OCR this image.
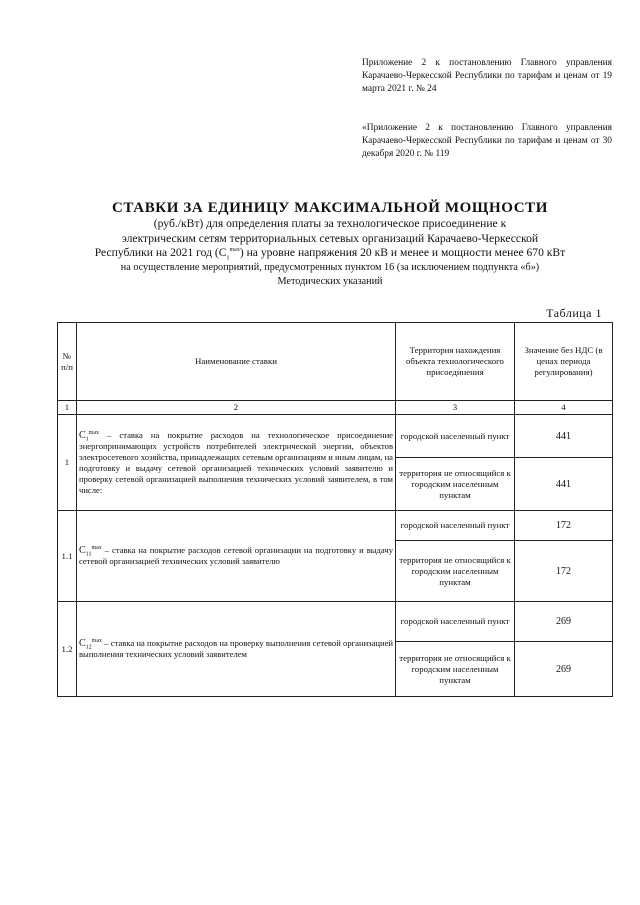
Приложение 2 к постановлению Главного управления Карачаево-Черкесской Республики по тарифам и ценам от 19 марта 2021 г. № 24
«Приложение 2 к постановлению Главного управления Карачаево-Черкесской Республики по тарифам и ценам от 30 декабря 2020 г. № 119
СТАВКИ ЗА ЕДИНИЦУ МАКСИМАЛЬНОЙ МОЩНОСТИ
(руб./кВт) для определения платы за технологическое присоединение к
электрическим сетям территориальных сетевых организаций Карачаево-Черкесской
Республики на 2021 год $(C_1^{max})$ на уровне напряжения 20 кВ и менее и мощности менее 670 кВт
на осуществление мероприятий, предусмотренных пунктом 16 (за исключением подпункта «б»)
Методических указаний
Таблица 1
№ п/п	Наименование ставки	Территория нахождения объекта технологического присоединения	Значение без НДС (в ценах периода регулирования)
1	2	3	4
1	$C_1^{max}$ – ставка на покрытие расходов на технологическое присоединение энергопринимающих устройств потребителей электрической энергии, объектов электросетевого хозяйства, принадлежащих сетевым организациям и иным лицам, на подготовку и выдачу сетевой организацией технических условий заявителю и проверку сетевой организацией выполнения технических условий заявителем, в том числе:	городской населенный пункт	441
		территория не относящийся к городским населенным пунктам	441
1.1	$C_{11}^{max}$ – ставка на покрытие расходов сетевой организации на подготовку и выдачу сетевой организацией технических условий заявителю	городской населенный пункт	172
		территория не относящийся к городским населенным пунктам	172
1.2	$C_{12}^{max}$ – ставка на покрытие расходов на проверку выполнения сетевой организацией выполнения технических условий заявителем	городской населенный пункт	269
		территория не относящийся к городским населенным пунктам	269
